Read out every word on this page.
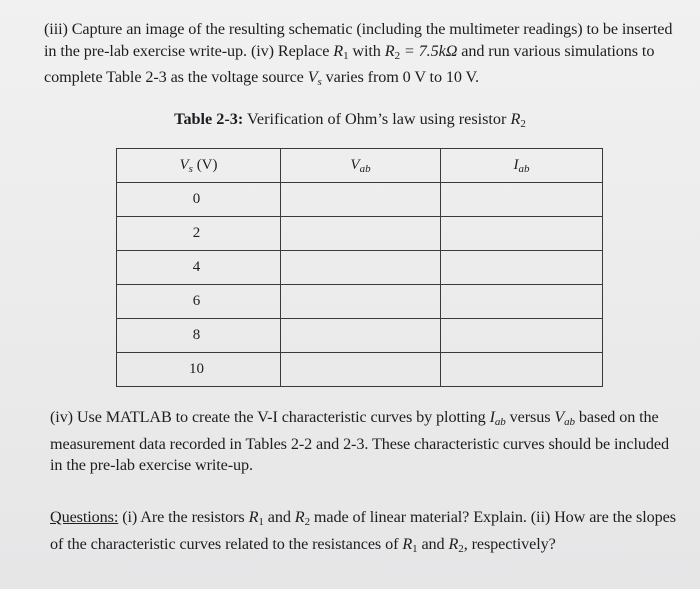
(iii) Capture an image of the resulting schematic (including the multimeter readings) to be inserted in the pre-lab exercise write-up. (iv) Replace $R_1$ with $R_2 = 7.5k\Omega$ and run various simulations to complete Table 2-3 as the voltage source Vs varies from 0 V to 10 V.

Table 2-3: Verification of Ohm’s law using resistor $R_2$
$V_s$ (V)	$V_{ab}$	$I_{ab}$
0		
2		
4		
6		
8		
10		

(iv) Use MATLAB to create the V-I characteristic curves by plotting Iab versus Vab based on the measurement data recorded in Tables 2-2 and 2-3. These characteristic curves should be included in the pre-lab exercise write-up.

Questions: (i) Are the resistors $R_1$ and $R_2$ made of linear material? Explain. (ii) How are the slopes of the characteristic curves related to the resistances of $R_1$ and $R_2$, respectively?
